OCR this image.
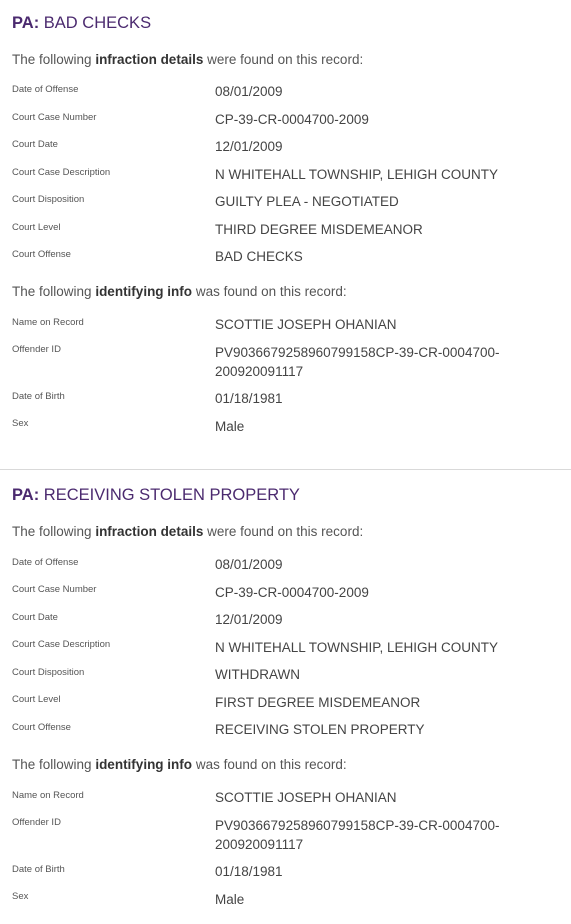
PA: BAD CHECKS
The following infraction details were found on this record:
Date of Offense	08/01/2009
Court Case Number	CP-39-CR-0004700-2009
Court Date	12/01/2009
Court Case Description	N WHITEHALL TOWNSHIP, LEHIGH COUNTY
Court Disposition	GUILTY PLEA - NEGOTIATED
Court Level	THIRD DEGREE MISDEMEANOR
Court Offense	BAD CHECKS
The following identifying info was found on this record:
Name on Record	SCOTTIE JOSEPH OHANIAN
Offender ID	PV9036679258960799158CP-39-CR-0004700-
200920091117
Date of Birth	01/18/1981
Sex	Male
PA: RECEIVING STOLEN PROPERTY
The following infraction details were found on this record:
Date of Offense	08/01/2009
Court Case Number	CP-39-CR-0004700-2009
Court Date	12/01/2009
Court Case Description	N WHITEHALL TOWNSHIP, LEHIGH COUNTY
Court Disposition	WITHDRAWN
Court Level	FIRST DEGREE MISDEMEANOR
Court Offense	RECEIVING STOLEN PROPERTY
The following identifying info was found on this record:
Name on Record	SCOTTIE JOSEPH OHANIAN
Offender ID	PV9036679258960799158CP-39-CR-0004700-
200920091117
Date of Birth	01/18/1981
Sex	Male
